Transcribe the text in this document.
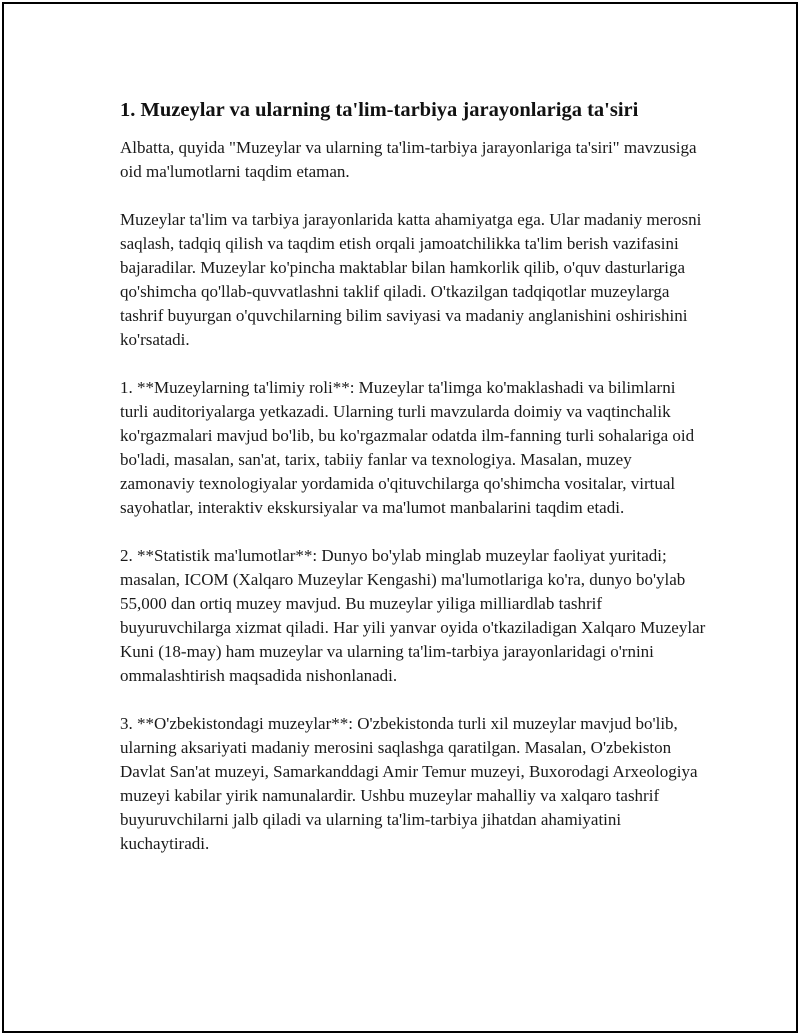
1. Muzeylar va ularning ta'lim-tarbiya jarayonlariga ta'siri

Albatta, quyida "Muzeylar va ularning ta'lim-tarbiya jarayonlariga ta'siri" mavzusiga oid ma'lumotlarni taqdim etaman.

Muzeylar ta'lim va tarbiya jarayonlarida katta ahamiyatga ega. Ular madaniy merosni saqlash, tadqiq qilish va taqdim etish orqali jamoatchilikka ta'lim berish vazifasini bajaradilar. Muzeylar ko'pincha maktablar bilan hamkorlik qilib, o'quv dasturlariga qo'shimcha qo'llab-quvvatlashni taklif qiladi. O'tkazilgan tadqiqotlar muzeylarga tashrif buyurgan o'quvchilarning bilim saviyasi va madaniy anglanishini oshirishini ko'rsatadi.

1. **Muzeylarning ta'limiy roli**: Muzeylar ta'limga ko'maklashadi va bilimlarni turli auditoriyalarga yetkazadi. Ularning turli mavzularda doimiy va vaqtinchalik ko'rgazmalari mavjud bo'lib, bu ko'rgazmalar odatda ilm-fanning turli sohalariga oid bo'ladi, masalan, san'at, tarix, tabiiy fanlar va texnologiya. Masalan, muzey zamonaviy texnologiyalar yordamida o'qituvchilarga qo'shimcha vositalar, virtual sayohatlar, interaktiv ekskursiyalar va ma'lumot manbalarini taqdim etadi.

2. **Statistik ma'lumotlar**: Dunyo bo'ylab minglab muzeylar faoliyat yuritadi; masalan, ICOM (Xalqaro Muzeylar Kengashi) ma'lumotlariga ko'ra, dunyo bo'ylab 55,000 dan ortiq muzey mavjud. Bu muzeylar yiliga milliardlab tashrif buyuruvchilarga xizmat qiladi. Har yili yanvar oyida o'tkaziladigan Xalqaro Muzeylar Kuni (18-may) ham muzeylar va ularning ta'lim-tarbiya jarayonlaridagi o'rnini ommalashtirish maqsadida nishonlanadi.

3. **O'zbekistondagi muzeylar**: O'zbekistonda turli xil muzeylar mavjud bo'lib, ularning aksariyati madaniy merosini saqlashga qaratilgan. Masalan, O'zbekiston Davlat San'at muzeyi, Samarkanddagi Amir Temur muzeyi, Buxorodagi Arxeologiya muzeyi kabilar yirik namunalardir. Ushbu muzeylar mahalliy va xalqaro tashrif buyuruvchilarni jalb qiladi va ularning ta'lim-tarbiya jihatdan ahamiyatini kuchaytiradi.
